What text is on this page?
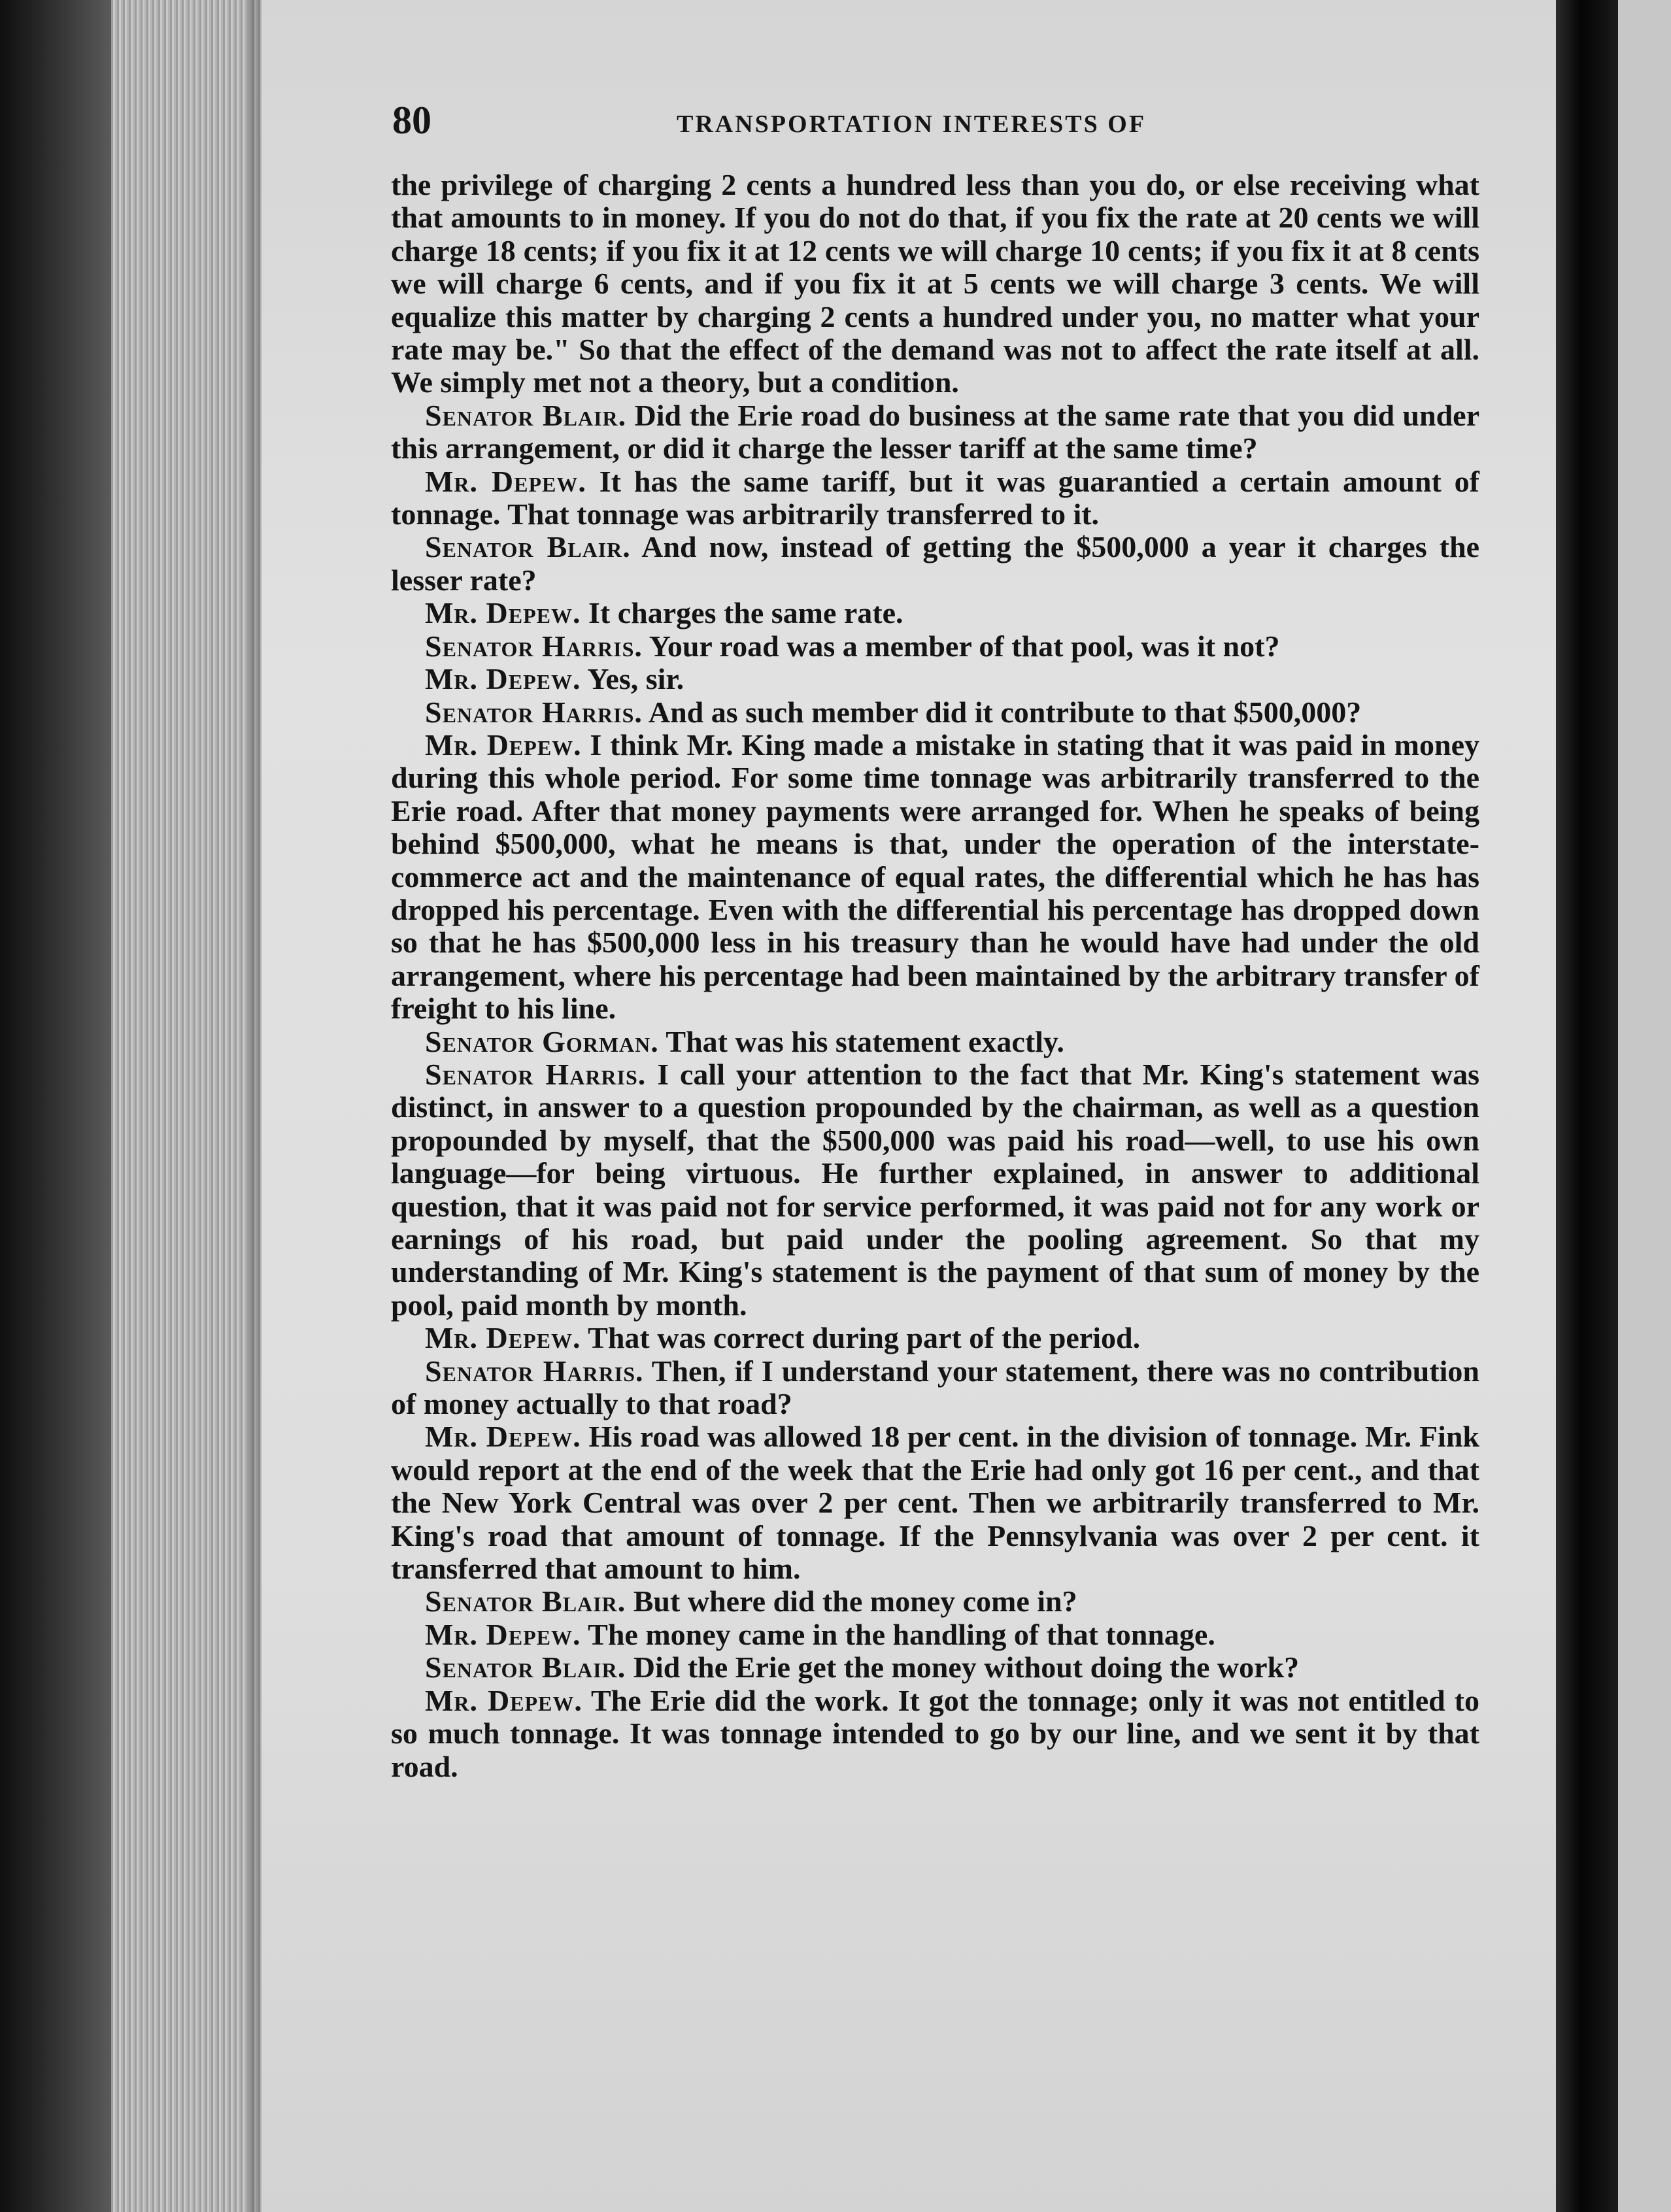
80	TRANSPORTATION INTERESTS OF

the privilege of charging 2 cents a hundred less than you do, or else receiving what that amounts to in money. If you do not do that, if you fix the rate at 20 cents we will charge 18 cents; if you fix it at 12 cents we will charge 10 cents; if you fix it at 8 cents we will charge 6 cents, and if you fix it at 5 cents we will charge 3 cents. We will equalize this matter by charging 2 cents a hundred under you, no matter what your rate may be." So that the effect of the demand was not to affect the rate itself at all. We simply met not a theory, but a condition.

Senator Blair. Did the Erie road do business at the same rate that you did under this arrangement, or did it charge the lesser tariff at the same time?

Mr. Depew. It has the same tariff, but it was guarantied a certain amount of tonnage. That tonnage was arbitrarily transferred to it.

Senator Blair. And now, instead of getting the $500,000 a year it charges the lesser rate?

Mr. Depew. It charges the same rate.

Senator Harris. Your road was a member of that pool, was it not?

Mr. Depew. Yes, sir.

Senator Harris. And as such member did it contribute to that $500,000?

Mr. Depew. I think Mr. King made a mistake in stating that it was paid in money during this whole period. For some time tonnage was arbitrarily transferred to the Erie road. After that money payments were arranged for. When he speaks of being behind $500,000, what he means is that, under the operation of the interstate-commerce act and the maintenance of equal rates, the differential which he has has dropped his percentage. Even with the differential his percentage has dropped down so that he has $500,000 less in his treasury than he would have had under the old arrangement, where his percentage had been maintained by the arbitrary transfer of freight to his line.

Senator Gorman. That was his statement exactly.

Senator Harris. I call your attention to the fact that Mr. King's statement was distinct, in answer to a question propounded by the chairman, as well as a question propounded by myself, that the $500,000 was paid his road—well, to use his own language—for being virtuous. He further explained, in answer to additional question, that it was paid not for service performed, it was paid not for any work or earnings of his road, but paid under the pooling agreement. So that my understanding of Mr. King's statement is the payment of that sum of money by the pool, paid month by month.

Mr. Depew. That was correct during part of the period.

Senator Harris. Then, if I understand your statement, there was no contribution of money actually to that road?

Mr. Depew. His road was allowed 18 per cent. in the division of tonnage. Mr. Fink would report at the end of the week that the Erie had only got 16 per cent., and that the New York Central was over 2 per cent. Then we arbitrarily transferred to Mr. King's road that amount of tonnage. If the Pennsylvania was over 2 per cent. it transferred that amount to him.

Senator Blair. But where did the money come in?

Mr. Depew. The money came in the handling of that tonnage.

Senator Blair. Did the Erie get the money without doing the work?

Mr. Depew. The Erie did the work. It got the tonnage; only it was not entitled to so much tonnage. It was tonnage intended to go by our line, and we sent it by that road.
